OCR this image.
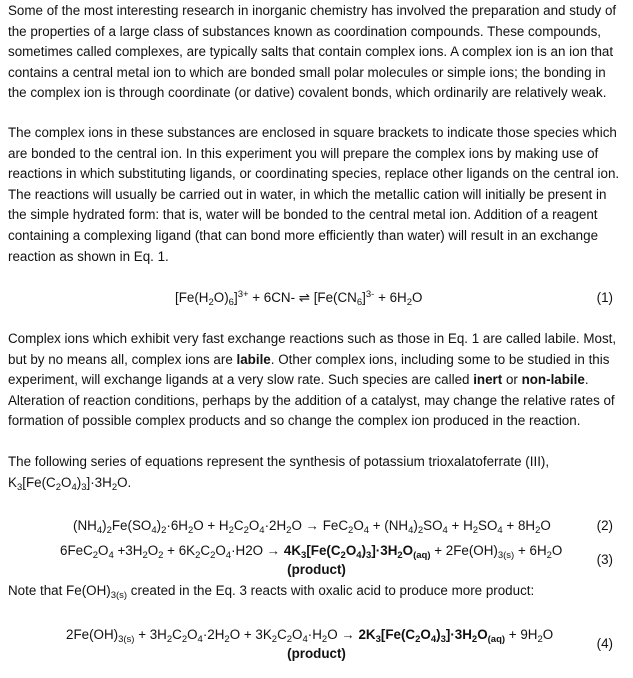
Some of the most interesting research in inorganic chemistry has involved the preparation and study of the properties of a large class of substances known as coordination compounds. These compounds, sometimes called complexes, are typically salts that contain complex ions. A complex ion is an ion that contains a central metal ion to which are bonded small polar molecules or simple ions; the bonding in the complex ion is through coordinate (or dative) covalent bonds, which ordinarily are relatively weak.

The complex ions in these substances are enclosed in square brackets to indicate those species which are bonded to the central ion. In this experiment you will prepare the complex ions by making use of reactions in which substituting ligands, or coordinating species, replace other ligands on the central ion. The reactions will usually be carried out in water, in which the metallic cation will initially be present in the simple hydrated form: that is, water will be bonded to the central metal ion. Addition of a reagent containing a complexing ligand (that can bond more efficiently than water) will result in an exchange reaction as shown in Eq. 1.

$[Fe(H_2O)_6]^{3+} + 6CN-$ ⇌ [$Fe(CN_6]^{3-} + 6H_2O$	(1)

Complex ions which exhibit very fast exchange reactions such as those in Eq. 1 are called labile. Most, but by no means all, complex ions are labile. Other complex ions, including some to be studied in this experiment, will exchange ligands at a very slow rate. Such species are called inert or non-labile. Alteration of reaction conditions, perhaps by the addition of a catalyst, may change the relative rates of formation of possible complex products and so change the complex ion produced in the reaction.

The following series of equations represent the synthesis of potassium trioxalatoferrate (III),

$K_3[Fe(C_2O_4)_3]\cdot 3H_2O$.
$(NH_4)_2Fe(SO_4)_2\cdot 6H_2O + H_2C_2O_4\cdot 2H_2O \to FeC_2O_4 + (NH_4)_2SO_4 + H_2SO_4 + 8H_2O$	(2)
$6FeC_2O_4 +3H_2O_2 + 6K_2C_2O_4\cdot H2O \to 4K_3[Fe(C_2O_4)_3]\cdot 3H_2O_{(aq)} + 2Fe(OH)_{3(s)} + 6H_2O$
(3)
(product)
Note that $Fe(OH)_{3(s)}$ created in the Eq. 3 reacts with oxalic acid to produce more product:
$2Fe(OH)_{3(s)} + 3H_2C_2O_4\cdot 2H_2O + 3K_2C_2O_4\cdot H_2O \to 2K_3[Fe(C_2O_4)_3]\cdot 3H_2O_{(aq)} + 9H_2O$
(4)
(product)
